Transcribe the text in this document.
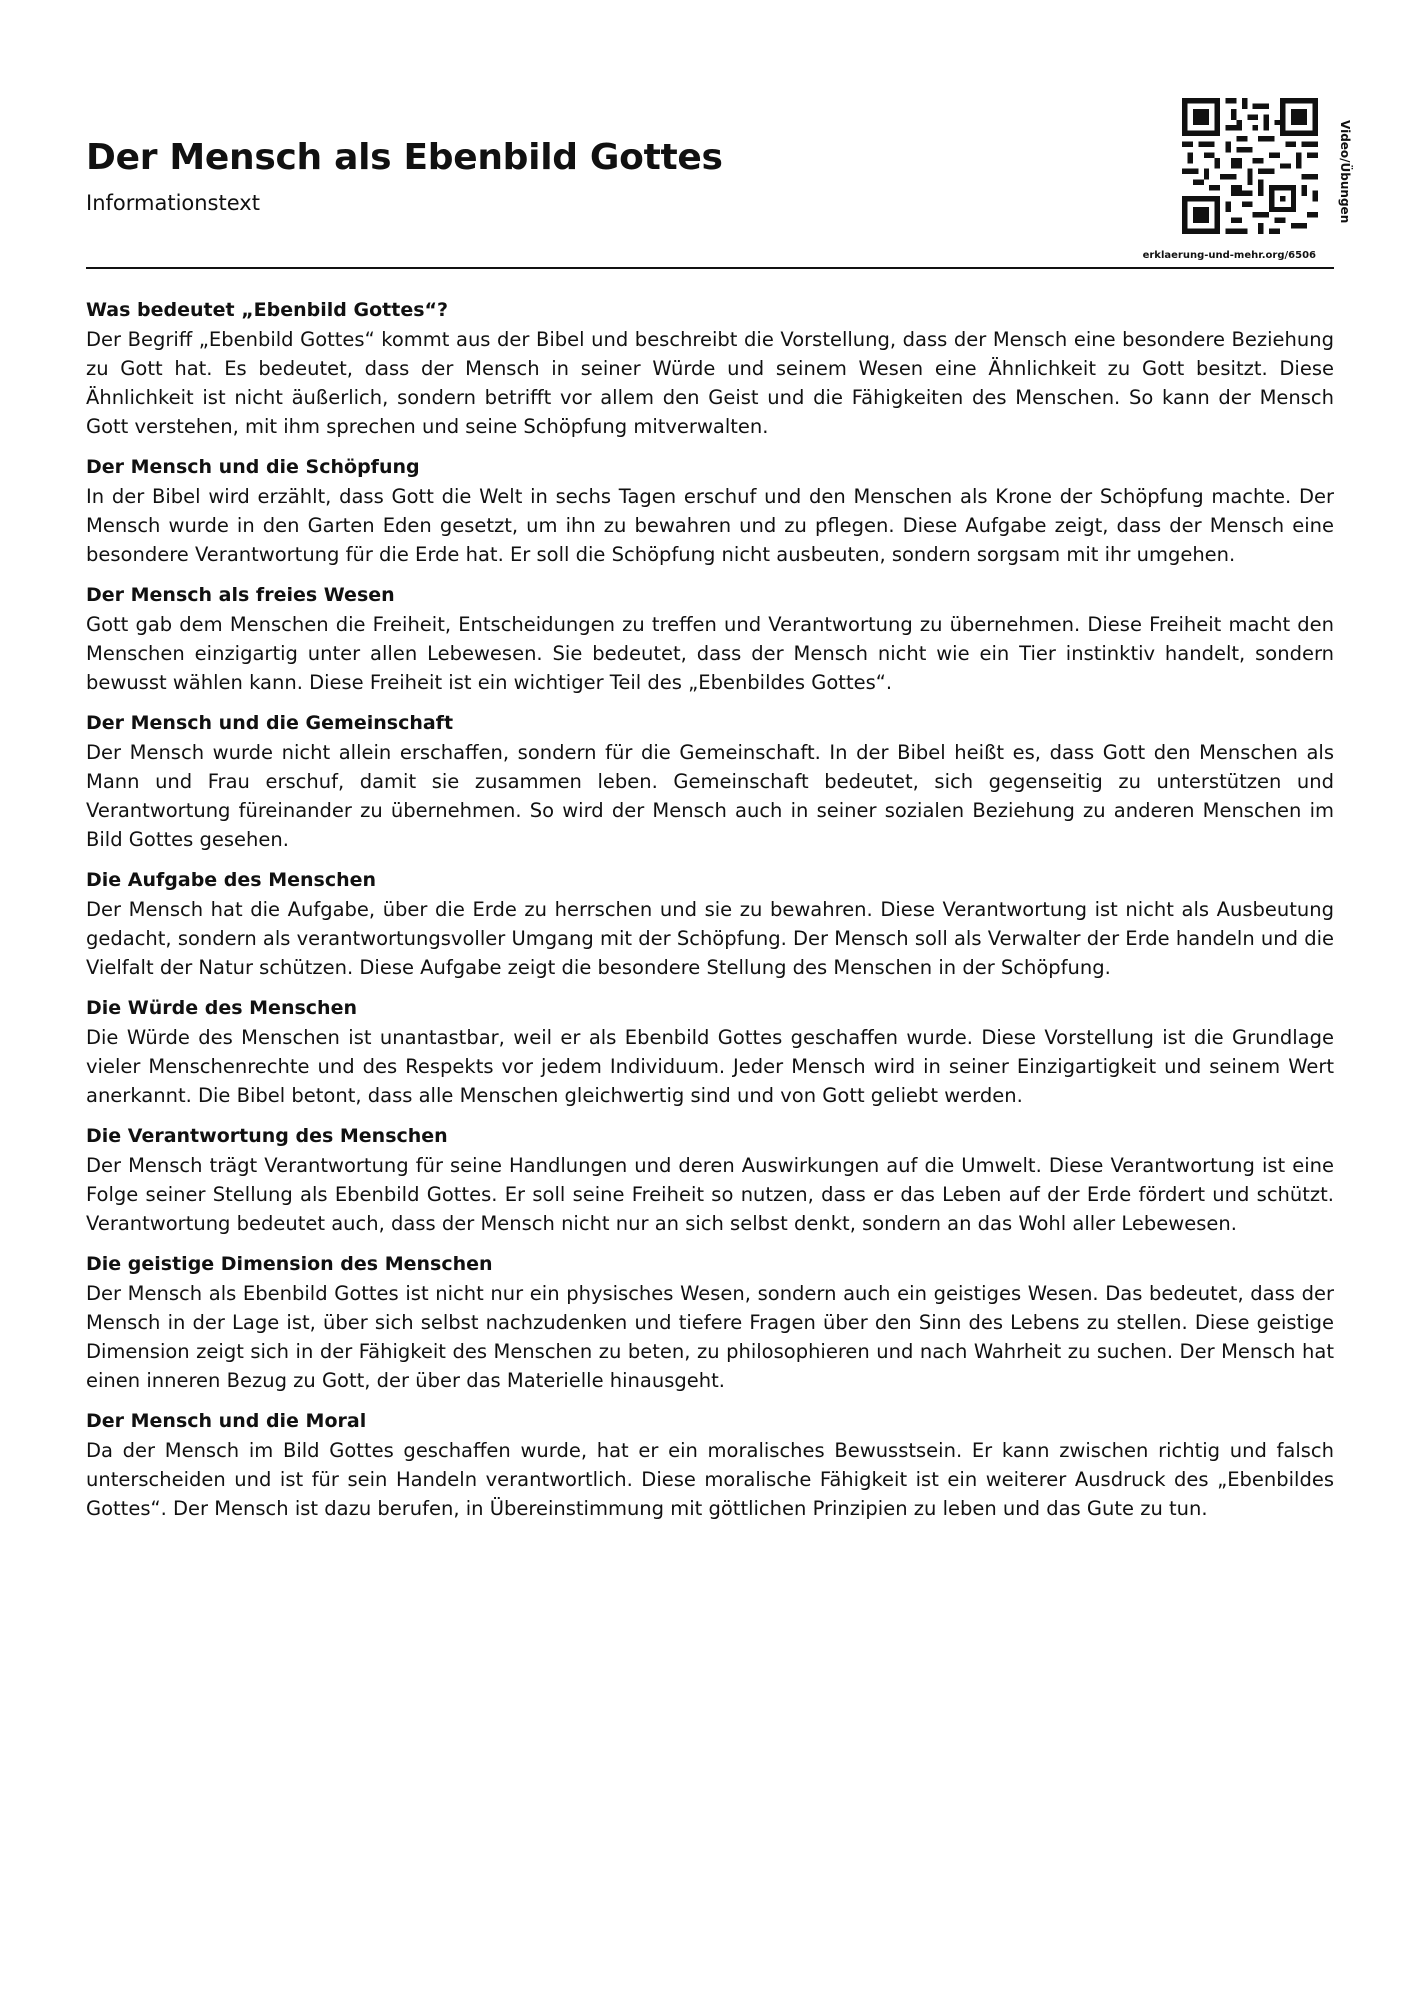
Der Mensch als Ebenbild Gottes
Informationstext	Video/Übungen
erklaerung-und-mehr.org/6506

Was bedeutet „Ebenbild Gottes“?

Der Begriff „Ebenbild Gottes“ kommt aus der Bibel und beschreibt die Vorstellung, dass der Mensch eine besondere Beziehung zu Gott hat. Es bedeutet, dass der Mensch in seiner Würde und seinem Wesen eine Ähnlichkeit zu Gott besitzt. Diese Ähnlichkeit ist nicht äußerlich, sondern betrifft vor allem den Geist und die Fähigkeiten des Menschen. So kann der Mensch Gott verstehen, mit ihm sprechen und seine Schöpfung mitverwalten.

Der Mensch und die Schöpfung

In der Bibel wird erzählt, dass Gott die Welt in sechs Tagen erschuf und den Menschen als Krone der Schöpfung machte. Der Mensch wurde in den Garten Eden gesetzt, um ihn zu bewahren und zu pflegen. Diese Aufgabe zeigt, dass der Mensch eine besondere Verantwortung für die Erde hat. Er soll die Schöpfung nicht ausbeuten, sondern sorgsam mit ihr umgehen.

Der Mensch als freies Wesen

Gott gab dem Menschen die Freiheit, Entscheidungen zu treffen und Verantwortung zu übernehmen. Diese Freiheit macht den Menschen einzigartig unter allen Lebewesen. Sie bedeutet, dass der Mensch nicht wie ein Tier instinktiv handelt, sondern bewusst wählen kann. Diese Freiheit ist ein wichtiger Teil des „Ebenbildes Gottes“.

Der Mensch und die Gemeinschaft

Der Mensch wurde nicht allein erschaffen, sondern für die Gemeinschaft. In der Bibel heißt es, dass Gott den Menschen als Mann und Frau erschuf, damit sie zusammen leben. Gemeinschaft bedeutet, sich gegenseitig zu unterstützen und Verantwortung füreinander zu übernehmen. So wird der Mensch auch in seiner sozialen Beziehung zu anderen Menschen im Bild Gottes gesehen.

Die Aufgabe des Menschen

Der Mensch hat die Aufgabe, über die Erde zu herrschen und sie zu bewahren. Diese Verantwortung ist nicht als Ausbeutung gedacht, sondern als verantwortungsvoller Umgang mit der Schöpfung. Der Mensch soll als Verwalter der Erde handeln und die Vielfalt der Natur schützen. Diese Aufgabe zeigt die besondere Stellung des Menschen in der Schöpfung.

Die Würde des Menschen

Die Würde des Menschen ist unantastbar, weil er als Ebenbild Gottes geschaffen wurde. Diese Vorstellung ist die Grundlage vieler Menschenrechte und des Respekts vor jedem Individuum. Jeder Mensch wird in seiner Einzigartigkeit und seinem Wert anerkannt. Die Bibel betont, dass alle Menschen gleichwertig sind und von Gott geliebt werden.

Die Verantwortung des Menschen

Der Mensch trägt Verantwortung für seine Handlungen und deren Auswirkungen auf die Umwelt. Diese Verantwortung ist eine Folge seiner Stellung als Ebenbild Gottes. Er soll seine Freiheit so nutzen, dass er das Leben auf der Erde fördert und schützt. Verantwortung bedeutet auch, dass der Mensch nicht nur an sich selbst denkt, sondern an das Wohl aller Lebewesen.

Die geistige Dimension des Menschen

Der Mensch als Ebenbild Gottes ist nicht nur ein physisches Wesen, sondern auch ein geistiges Wesen. Das bedeutet, dass der Mensch in der Lage ist, über sich selbst nachzudenken und tiefere Fragen über den Sinn des Lebens zu stellen. Diese geistige Dimension zeigt sich in der Fähigkeit des Menschen zu beten, zu philosophieren und nach Wahrheit zu suchen. Der Mensch hat einen inneren Bezug zu Gott, der über das Materielle hinausgeht.

Der Mensch und die Moral

Da der Mensch im Bild Gottes geschaffen wurde, hat er ein moralisches Bewusstsein. Er kann zwischen richtig und falsch unterscheiden und ist für sein Handeln verantwortlich. Diese moralische Fähigkeit ist ein weiterer Ausdruck des „Ebenbildes Gottes“. Der Mensch ist dazu berufen, in Übereinstimmung mit göttlichen Prinzipien zu leben und das Gute zu tun.
